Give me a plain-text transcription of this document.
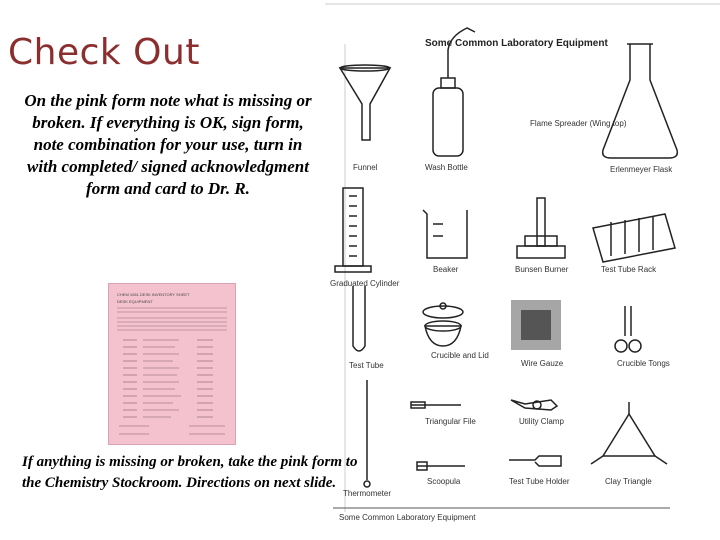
Check Out
On the pink form note what is missing or broken. If everything is OK, sign form, note combination for your use, turn in with completed/ signed acknowledgment form and card to Dr. R.
CHEM 1061 DESK INVENTORY SHEET
DESK EQUIPMENT
Some Common Laboratory Equipment
Funnel	Wash Bottle
Flame Spreader (Wing top)
Erlenmeyer Flask
Graduated Cylinder
Beaker	Bunsen Burner	Test Tube Rack
Test Tube
Crucible and Lid
Wire Gauze	Crucible Tongs
Triangular File	Utility Clamp
Thermometer
Scoopula	Test Tube Holder	Clay Triangle
Some Common Laboratory Equipment
If anything is missing or broken, take the pink form to the Chemistry Stockroom. Directions on next slide.
